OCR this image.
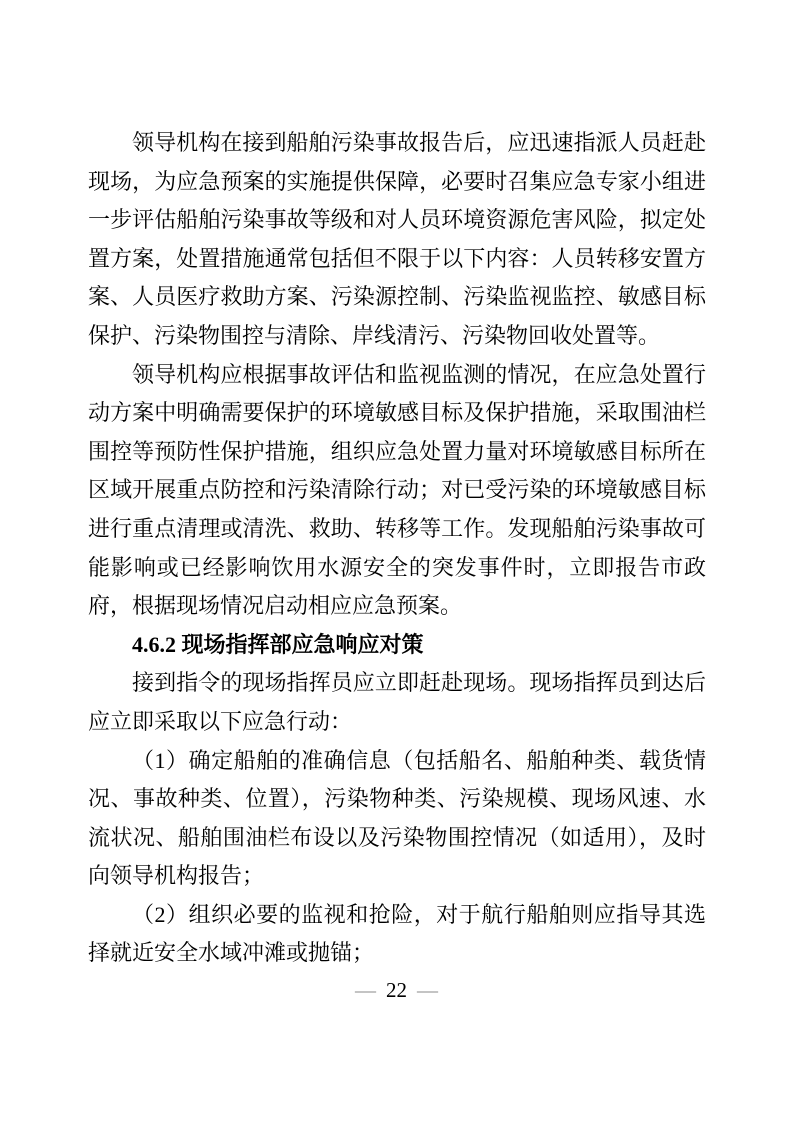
领导机构在接到船舶污染事故报告后，应迅速指派人员赶赴现场，为应急预案的实施提供保障，必要时召集应急专家小组进一步评估船舶污染事故等级和对人员环境资源危害风险，拟定处置方案，处置措施通常包括但不限于以下内容：人员转移安置方案、人员医疗救助方案、污染源控制、污染监视监控、敏感目标保护、污染物围控与清除、岸线清污、污染物回收处置等。

领导机构应根据事故评估和监视监测的情况，在应急处置行动方案中明确需要保护的环境敏感目标及保护措施，采取围油栏围控等预防性保护措施，组织应急处置力量对环境敏感目标所在区域开展重点防控和污染清除行动；对已受污染的环境敏感目标进行重点清理或清洗、救助、转移等工作。发现船舶污染事故可能影响或已经影响饮用水源安全的突发事件时，立即报告市政府，根据现场情况启动相应应急预案。

4.6.2 现场指挥部应急响应对策

接到指令的现场指挥员应立即赶赴现场。现场指挥员到达后应立即采取以下应急行动：

（1）确定船舶的准确信息（包括船名、船舶种类、载货情况、事故种类、位置），污染物种类、污染规模、现场风速、水流状况、船舶围油栏布设以及污染物围控情况（如适用），及时向领导机构报告；

（2）组织必要的监视和抢险，对于航行船舶则应指导其选择就近安全水域冲滩或抛锚；

— 22 —
